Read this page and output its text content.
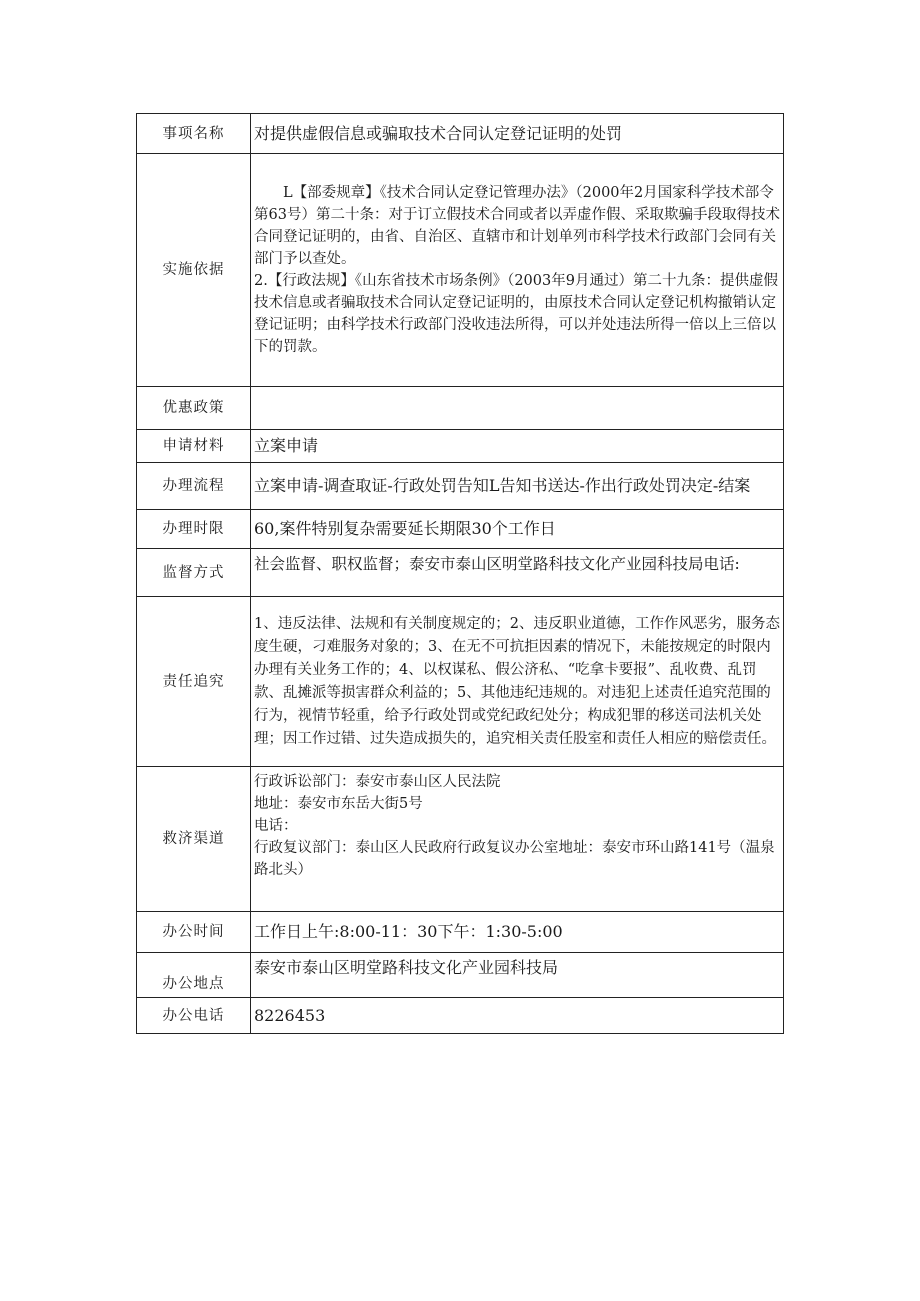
事项名称	对提供虚假信息或骗取技术合同认定登记证明的处罚
实施依据	L【部委规章】《技术合同认定登记管理办法》（2000年2月国家科学技术部令第63号）第二十条：对于订立假技术合同或者以弄虚作假、采取欺骗手段取得技术合同登记证明的，由省、自治区、直辖市和计划单列市科学技术行政部门会同有关部门予以查处。
2.【行政法规】《山东省技术市场条例》（2003年9月通过）第二十九条：提供虚假技术信息或者骗取技术合同认定登记证明的，由原技术合同认定登记机构撤销认定登记证明；由科学技术行政部门没收违法所得，可以并处违法所得一倍以上三倍以下的罚款。

优惠政策	
申请材料	立案申请
办理流程	立案申请-调查取证-行政处罚告知L告知书送达-作出行政处罚决定-结案
办理时限	60,案件特别复杂需要延长期限30个工作日
监督方式	社会监督、职权监督；泰安市泰山区明堂路科技文化产业园科技局电话:
责任追究	1、违反法律、法规和有关制度规定的；2、违反职业道德，工作作风恶劣，服务态度生硬，刁难服务对象的；3、在无不可抗拒因素的情况下，未能按规定的时限内办理有关业务工作的；4、以权谋私、假公济私、“吃拿卡要报”、乱收费、乱罚款、乱摊派等损害群众利益的；5、其他违纪违规的。对违犯上述责任追究范围的行为，视情节轻重，给予行政处罚或党纪政纪处分；构成犯罪的移送司法机关处理；因工作过错、过失造成损失的，追究相关责任股室和责任人相应的赔偿责任。
救济渠道	行政诉讼部门：泰安市泰山区人民法院
地址：泰安市东岳大街5号
电话：
行政复议部门：泰山区人民政府行政复议办公室地址：泰安市环山路141号（温泉路北头）

办公时间	工作日上午:8:00-11：30下午：1:30-5:00
办公地点	泰安市泰山区明堂路科技文化产业园科技局
办公电话	8226453
